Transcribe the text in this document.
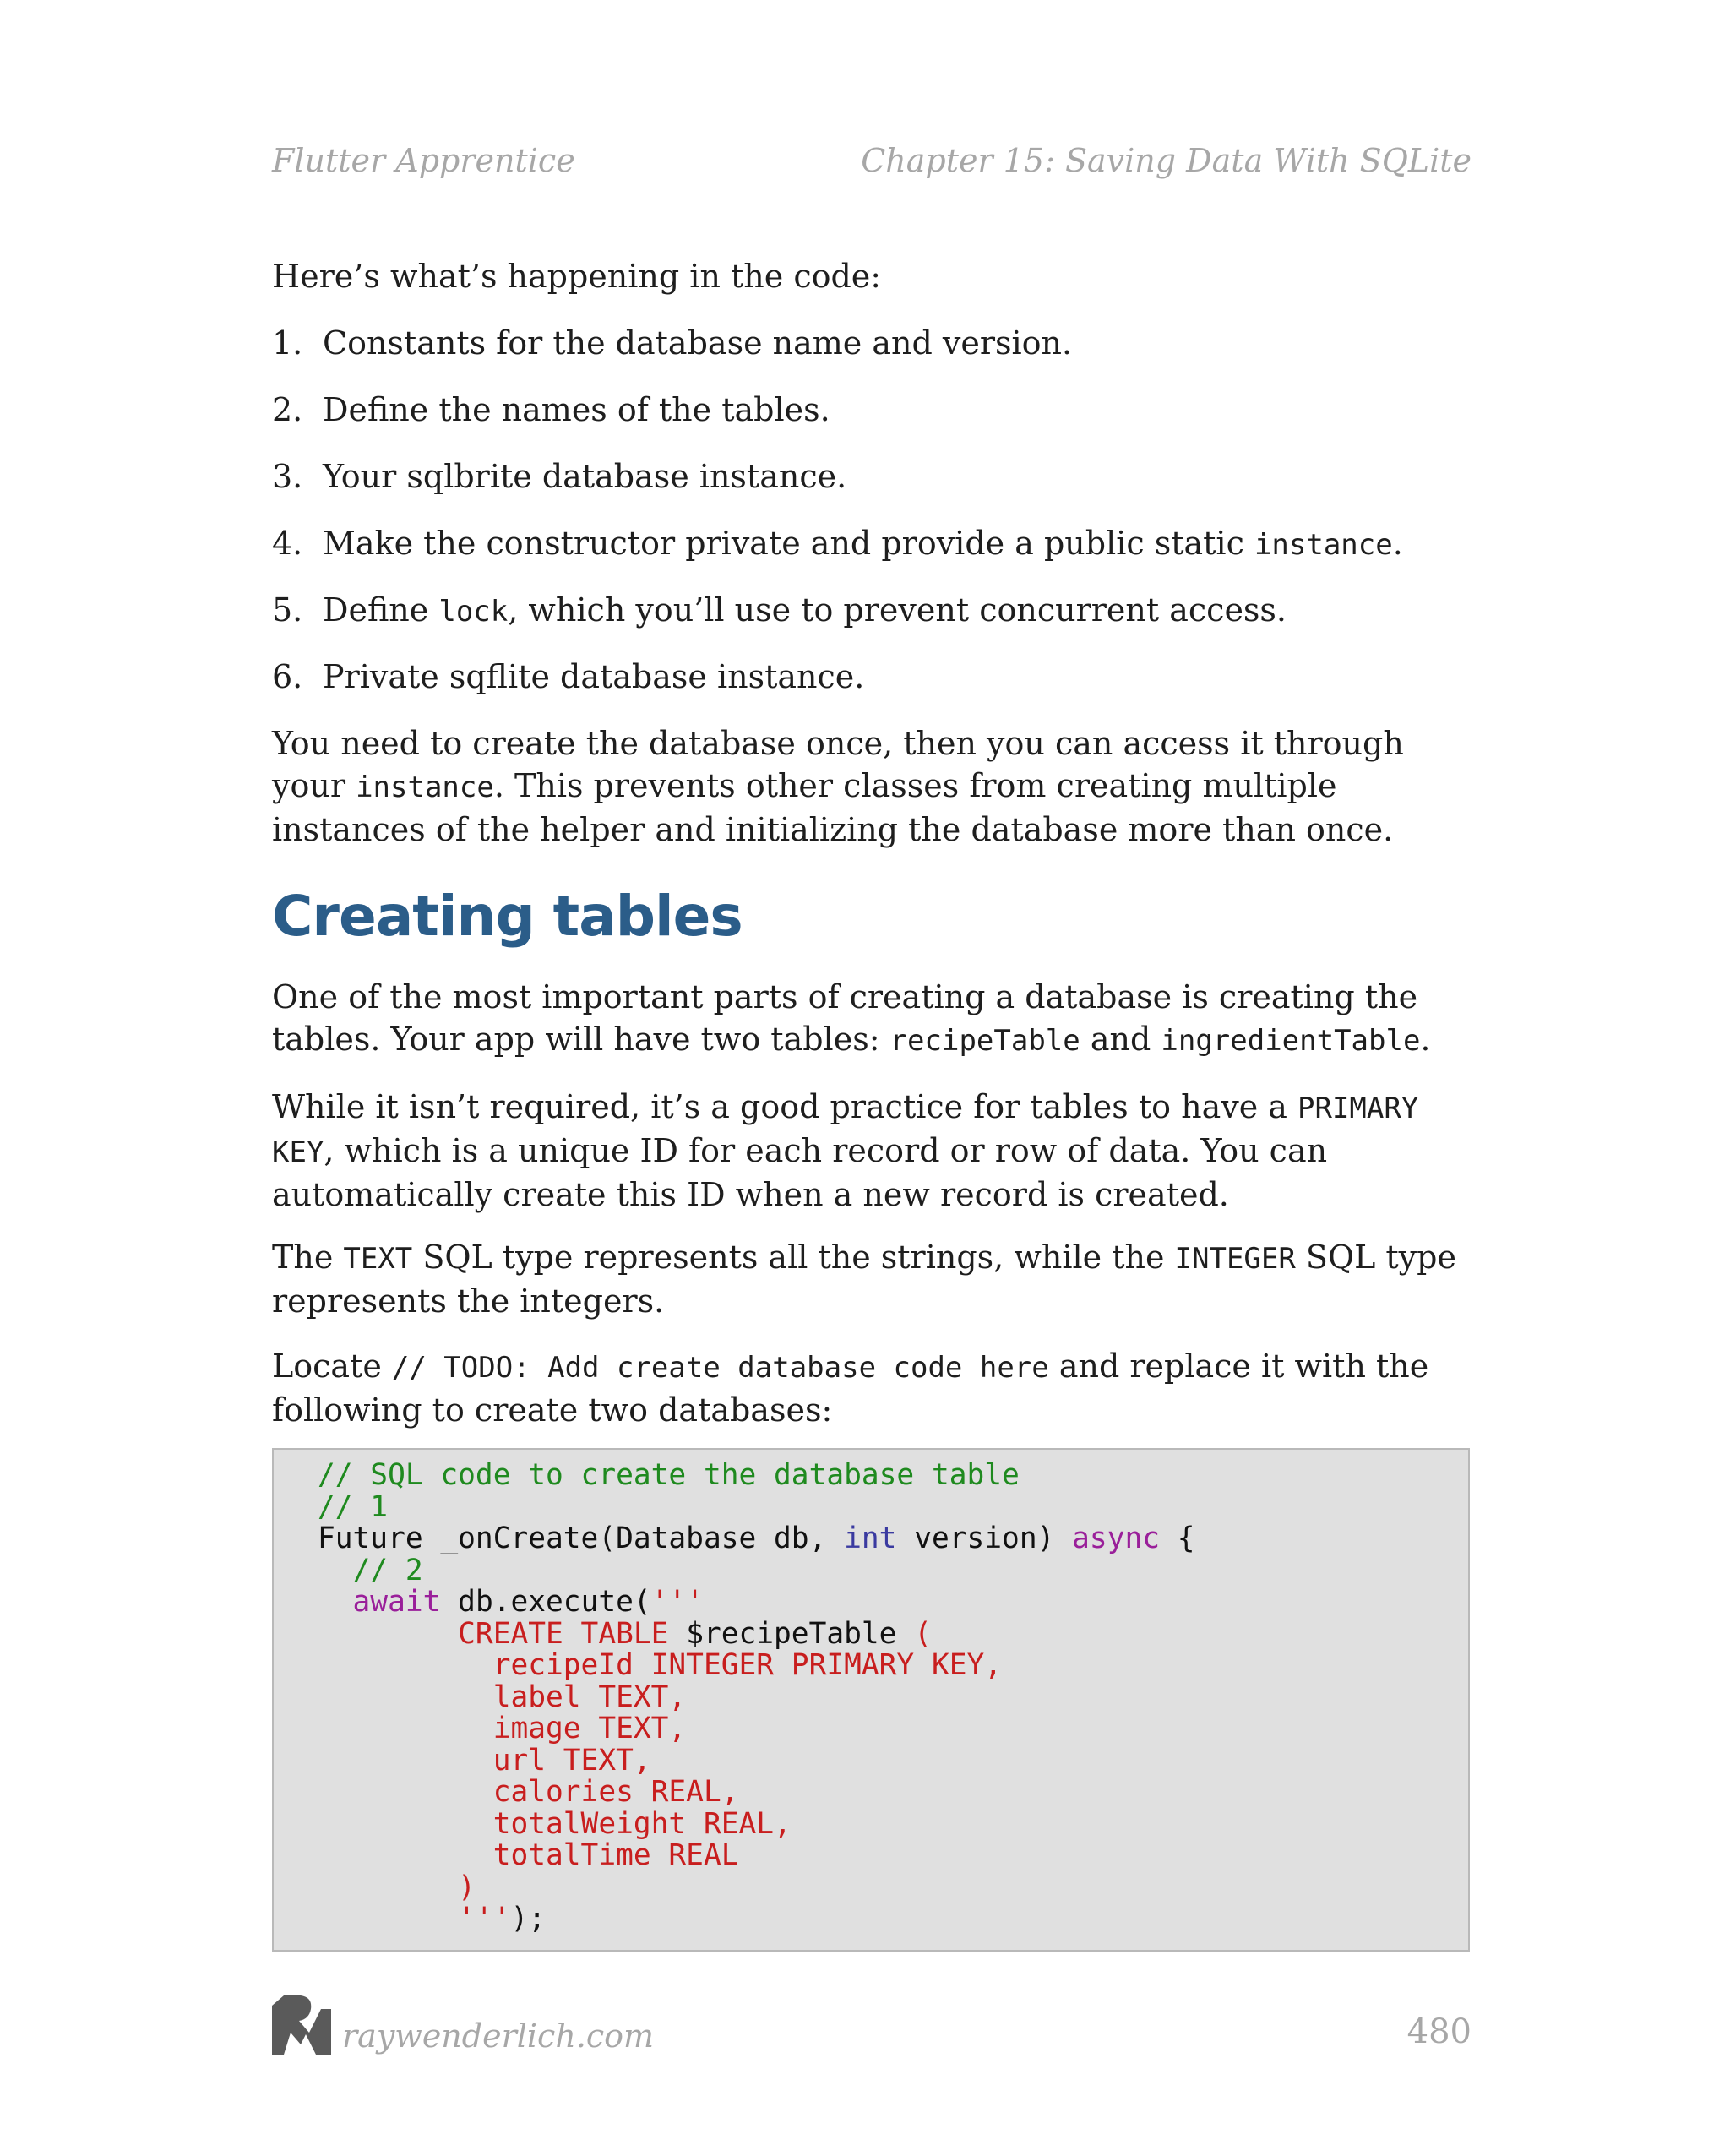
Flutter Apprentice	Chapter 15: Saving Data With SQLite
Here’s what’s happening in the code:
1. Constants for the database name and version.
2. Define the names of the tables.
3. Your sqlbrite database instance.
4. Make the constructor private and provide a public static instance.
5. Define lock, which you’ll use to prevent concurrent access.
6. Private sqflite database instance.
You need to create the database once, then you can access it through your instance. This prevents other classes from creating multiple instances of the helper and initializing the database more than once.
Creating tables
One of the most important parts of creating a database is creating the tables. Your app will have two tables: recipeTable and ingredientTable.
While it isn’t required, it’s a good practice for tables to have a PRIMARY KEY, which is a unique ID for each record or row of data. You can automatically create this ID when a new record is created.
The TEXT SQL type represents all the strings, while the INTEGER SQL type represents the integers.
Locate // TODO: Add create database code here and replace it with the following to create two databases:
// SQL code to create the database table
// 1
Future _onCreate(Database db, int version) async {
// 2
await db.execute('''
CREATE TABLE $recipeTable (
recipeId INTEGER PRIMARY KEY,
label TEXT,
image TEXT,
url TEXT,
calories REAL,
totalWeight REAL,
totalTime REAL
)
''');
raywenderlich.com	480
